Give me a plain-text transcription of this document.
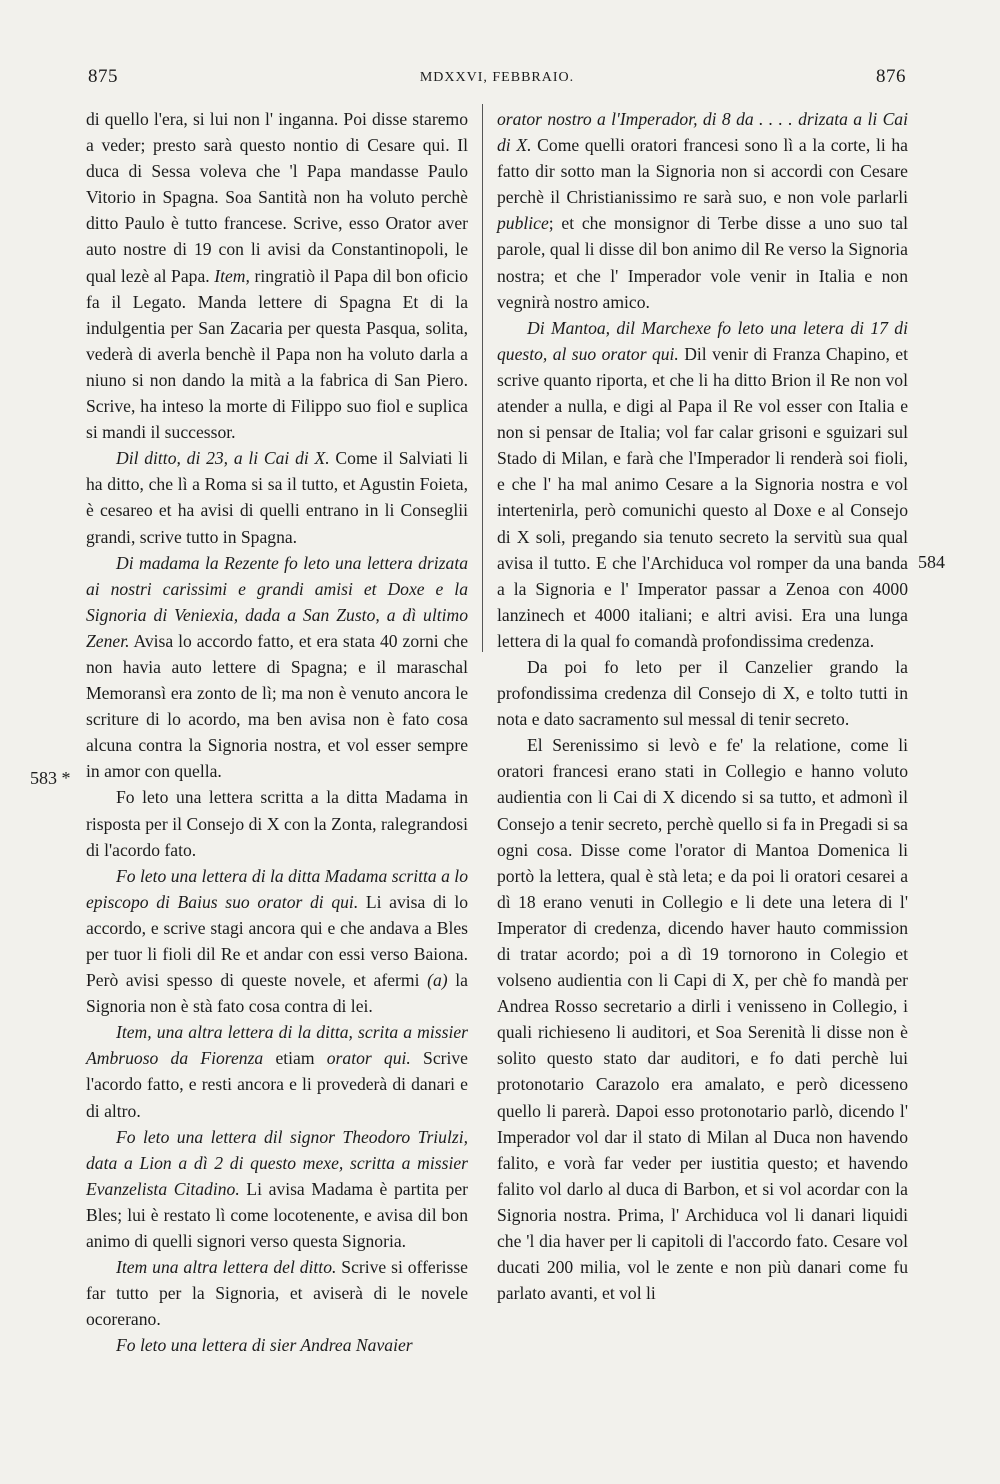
875	MDXXVI, FEBBRAIO.	876
583 *
584

di quello l'era, si lui non l' inganna. Poi disse staremo a veder; presto sarà questo nontio di Cesare qui. Il duca di Sessa voleva che 'l Papa mandasse Paulo Vitorio in Spagna. Soa Santità non ha voluto perchè ditto Paulo è tutto francese. Scrive, esso Orator aver auto nostre di 19 con li avisi da Constantinopoli, le qual lezè al Papa. Item, ringratiò il Papa dil bon oficio fa il Legato. Manda lettere di Spagna Et di la indulgentia per San Zacaria per questa Pasqua, solita, vederà di averla benchè il Papa non ha voluto darla a niuno si non dando la mità a la fabrica di San Piero. Scrive, ha inteso la morte di Filippo suo fiol e suplica si mandi il successor.

Dil ditto, di 23, a li Cai di X. Come il Salviati li ha ditto, che lì a Roma si sa il tutto, et Agustin Foieta, è cesareo et ha avisi di quelli entrano in li Conseglii grandi, scrive tutto in Spagna.

Di madama la Rezente fo leto una lettera drizata ai nostri carissimi e grandi amisi et Doxe e la Signoria di Veniexia, dada a San Zusto, a dì ultimo Zener. Avisa lo accordo fatto, et era stata 40 zorni che non havia auto lettere di Spagna; e il maraschal Memoransì era zonto de lì; ma non è venuto ancora le scriture di lo acordo, ma ben avisa non è fato cosa alcuna contra la Signoria nostra, et vol esser sempre in amor con quella.

Fo leto una lettera scritta a la ditta Madama in risposta per il Consejo di X con la Zonta, ralegrandosi di l'acordo fato.

Fo leto una lettera di la ditta Madama scritta a lo episcopo di Baius suo orator di qui. Li avisa di lo accordo, e scrive stagi ancora qui e che andava a Bles per tuor li fioli dil Re et andar con essi verso Baiona. Però avisi spesso di queste novele, et afermi (a) la Signoria non è stà fato cosa contra di lei.

Item, una altra lettera di la ditta, scrita a missier Ambruoso da Fiorenza etiam orator qui. Scrive l'acordo fatto, e resti ancora e li proveder​à di danari e di altro.

Fo leto una lettera dil signor Theodoro Triulzi, data a Lion a dì 2 di questo mexe, scritta a missier Evanzelista Citadino. Li avisa Madama è partita per Bles; lui è restato lì come locotenente, e avisa dil bon animo di quelli signori verso questa Signoria.

Item una altra lettera del ditto. Scrive si offerisse far tutto per la Signoria, et aviserà di le novele ocorerano.

Fo leto una lettera di sier Andrea Navaier

orator nostro a l'Imperador, di 8 da . . . . drizata a li Cai di X. Come quelli oratori francesi sono lì a la corte, li ha fatto dir sotto man la Signoria non si accordi con Cesare perchè il Christianissimo re sarà suo, e non vole parlarli publice; et che monsignor di Terbe disse a uno suo tal parole, qual li disse dil bon animo dil Re verso la Signoria nostra; et che l' Imperador vole venir in Italia e non vegnirà nostro amico.

Di Mantoa, dil Marchexe fo leto una letera di 17 di questo, al suo orator qui. Dil venir di Franza Chapino, et scrive quanto riporta, et che li ha ditto Brion il Re non vol atender a nulla, e digi al Papa il Re vol esser con Italia e non si pensar de Italia; vol far calar grisoni e sguizari sul Stado di Milan, e farà che l'Imperador li renderà soi fioli, e che l' ha mal animo Cesare a la Signoria nostra e vol intertenirla, però comunichi questo al Doxe e al Consejo di X soli, pregando sia tenuto secreto la servitù sua qual avisa il tutto. E che l'Archiduca vol romper da una banda a la Signoria e l' Imperator passar a Zenoa con 4000 lanzinech et 4000 italiani; e altri avisi. Era una lunga lettera di la qual fo comandà profondissima credenza.

Da poi fo leto per il Canzelier grando la profondissima credenza dil Consejo di X, e tolto tutti in nota e dato sacramento sul messal di tenir secreto.

El Serenissimo si levò e fe' la relatione, come li oratori francesi erano stati in Collegio e hanno voluto audientia con li Cai di X dicendo si sa tutto, et admonì il Consejo a tenir secreto, perchè quello si fa in Pregadi si sa ogni cosa. Disse come l'orator di Mantoa Domenica li portò la lettera, qual è stà leta; e da poi li oratori cesarei a dì 18 erano venuti in Collegio e li dete una letera di l' Imperator di credenza, dicendo haver hauto commission di tratar acordo; poi a dì 19 tornorono in Colegio et volseno audientia con li Capi di X, per chè fo mandà per Andrea Rosso secretario a dirli i venisseno in Collegio, i quali richieseno li auditori, et Soa Serenità li disse non è solito questo stato dar auditori, e fo dati perchè lui protonotario Carazolo era amalato, e però dicesseno quello li parerà. Dapoi esso protonotario parlò, dicendo l' Imperador vol dar il stato di Milan al Duca non havendo falito, e vorà far veder per iustitia questo; et havendo falito vol darlo al duca di Barbon, et si vol acordar con la Signoria nostra. Prima, l' Archiduca vol li danari liquidi che 'l dia haver per li capitoli di l'accordo fato. Cesare vol ducati 200 milia, vol le zente e non più danari come fu parlato avanti, et vol li
